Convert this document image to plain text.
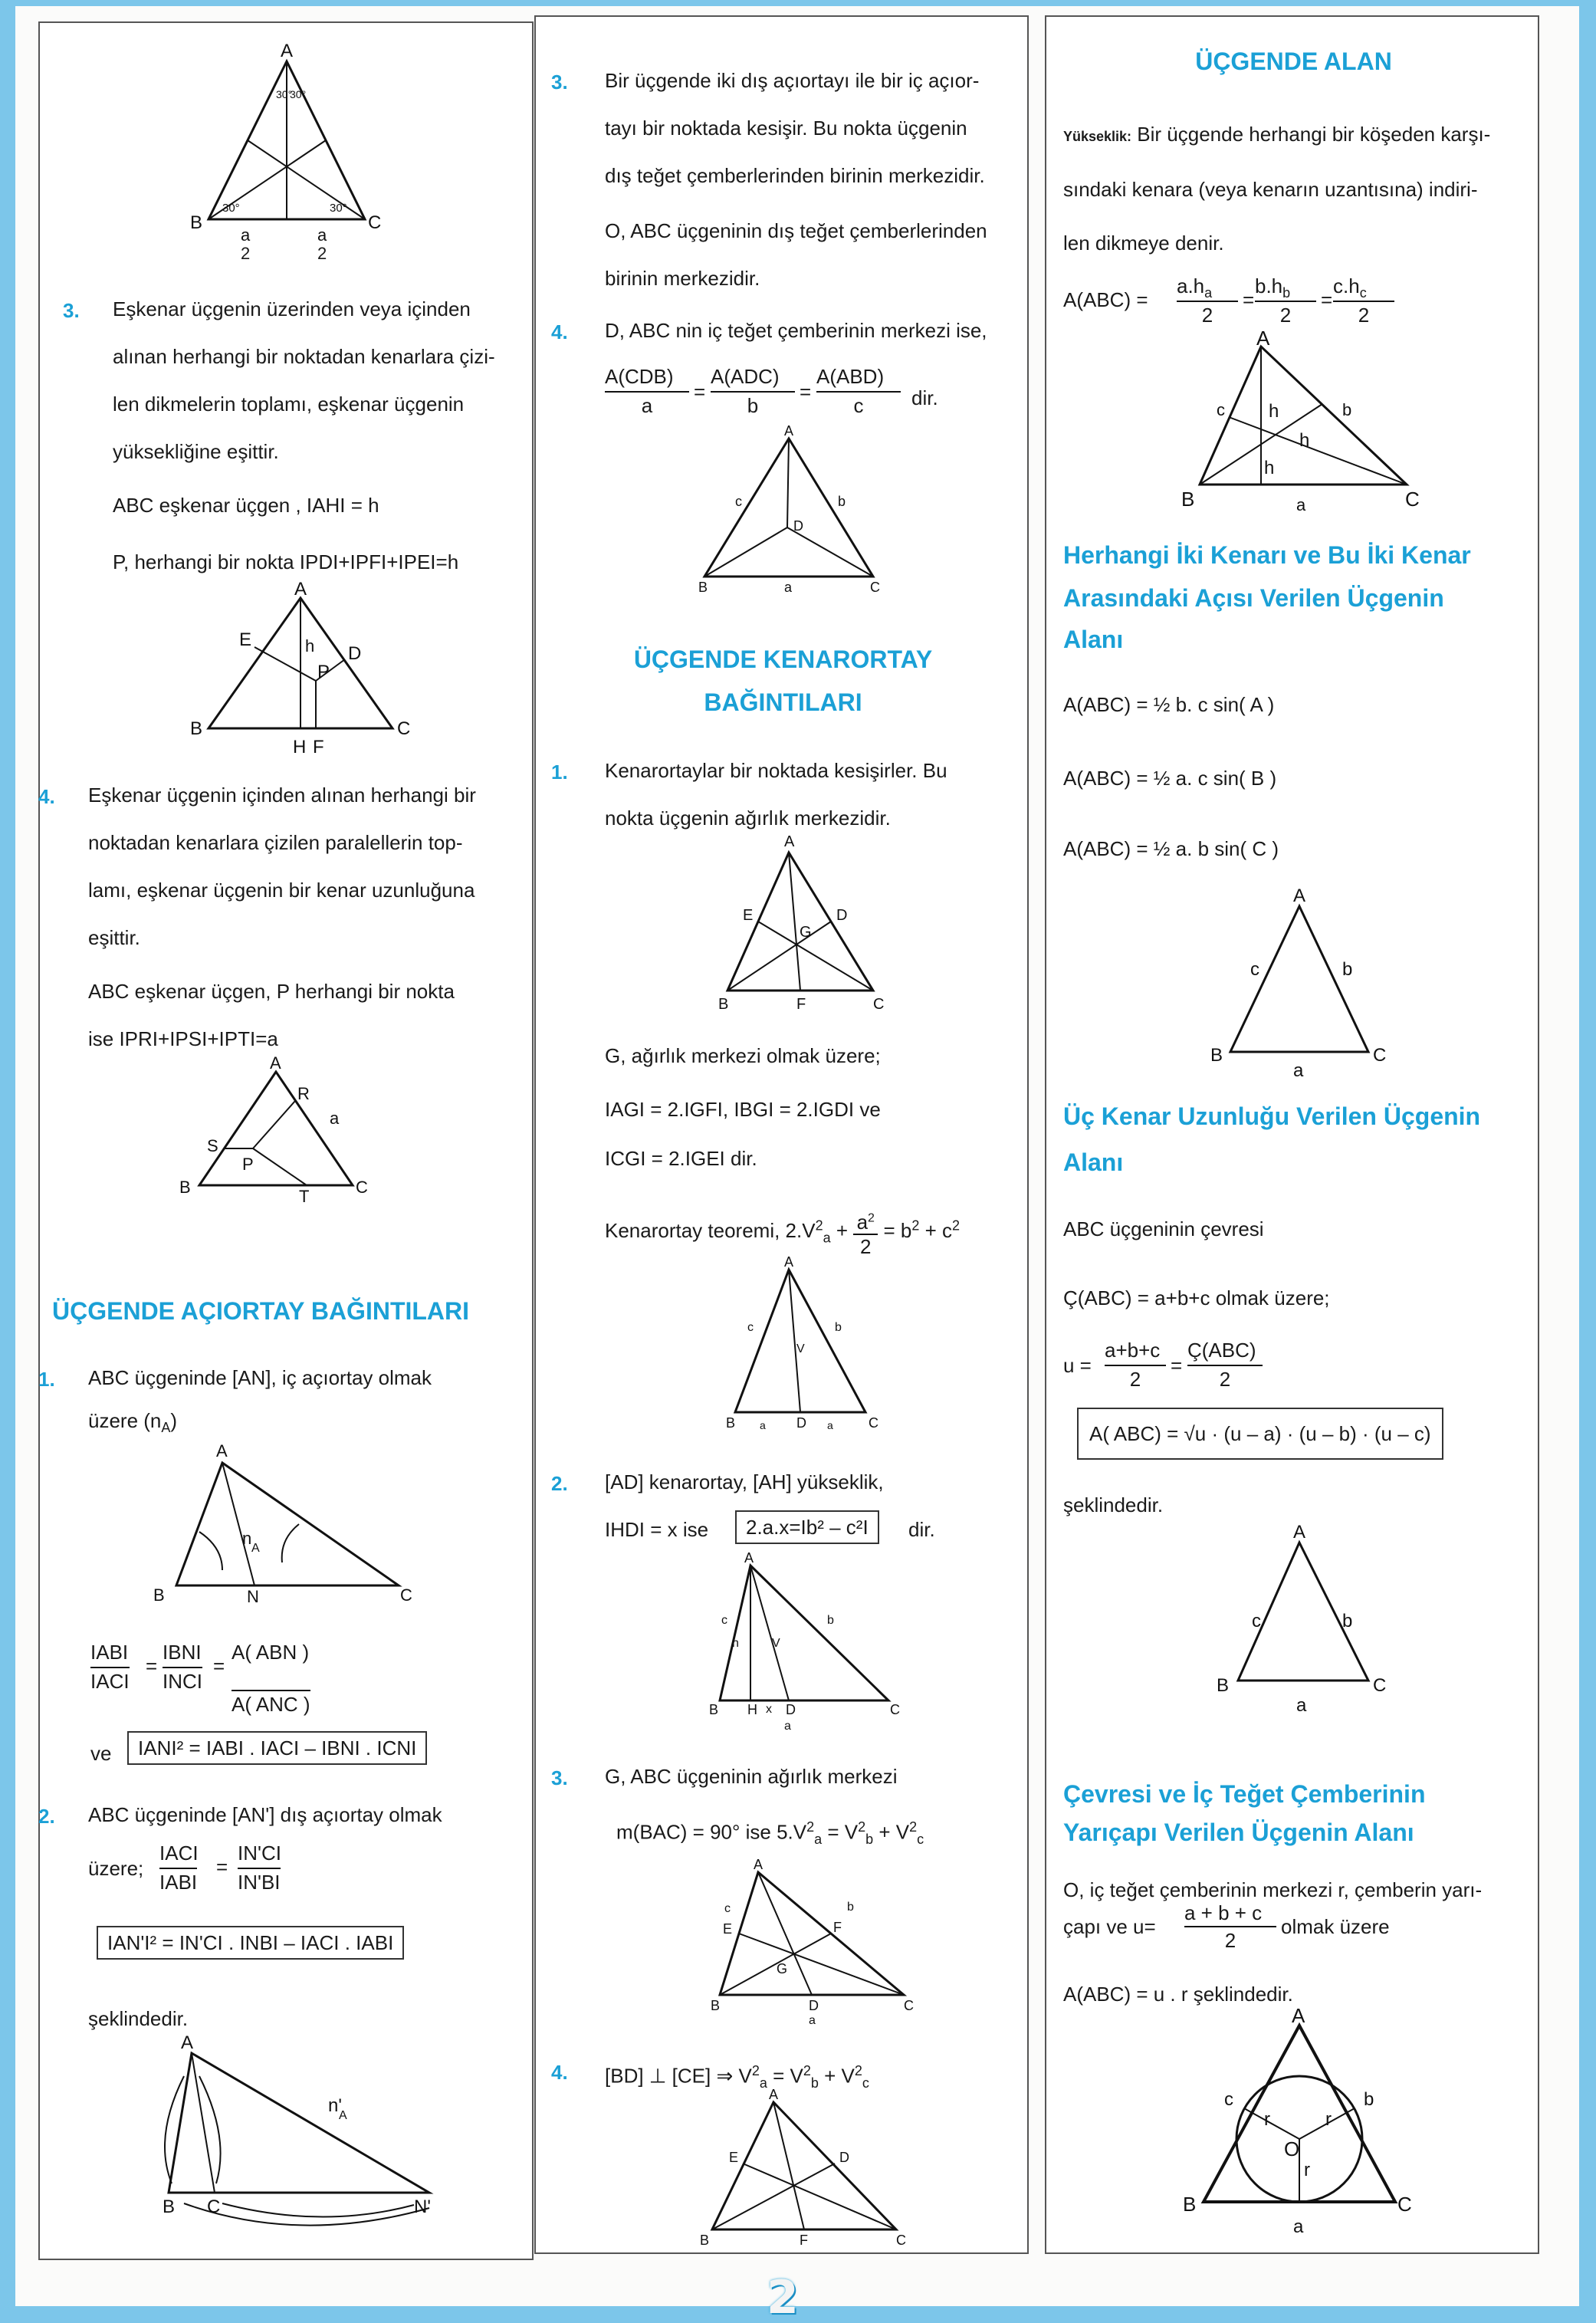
A
B	C
30°	30°
30°
30°
a	a
2	2
3. Eşkenar üçgenin üzerinden veya içinden
alınan herhangi bir noktadan kenarlara çizi-
len dikmelerin toplamı, eşkenar üçgenin
yüksekliğine eşittir.
ABC eşkenar üçgen , IAHI = h
P, herhangi bir nokta IPDI+IPFI+IPEI=h
A
B	C
E
D
P
h
H F
4. Eşkenar üçgenin içinden alınan herhangi bir
noktadan kenarlara çizilen paralellerin top-
lamı, eşkenar üçgenin bir kenar uzunluğuna
eşittir.
ABC eşkenar üçgen, P herhangi bir nokta
ise IPRI+IPSI+IPTI=a
A
B	C
R
S
P
T
a
ÜÇGENDE AÇIORTAY BAĞINTILARI
1. ABC üçgeninde [AN], iç açıortay olmak
üzere $(n_A)$
A
B	C
N
n
A
IABI
IACI
=
IBNI
INCI
=
A( ABN )
A( ANC )
ve	IANI² = IABI . IACI – IBNI . ICNI
2. ABC üçgeninde [AN'] dış açıortay olmak
üzere;
IACI
IABI
=
IN'CI
IN'BI
IAN'I² = IN'CI . INBI – IACI . IABI
şeklindedir.
A
B C	N'
n'
A
3. Bir üçgende iki dış açıortayı ile bir iç açıor-
tayı bir noktada kesişir. Bu nokta üçgenin
dış teğet çemberlerinden birinin merkezidir.
O, ABC üçgeninin dış teğet çemberlerinden
birinin merkezidir.
4. D, ABC nin iç teğet çemberinin merkezi ise,
A(CDB)
a
=
A(ADC)
b
=
A(ABD)
c	dir.
A
B	C
D
a
b
c
ÜÇGENDE KENARORTAY
BAĞINTILARI
1. Kenarortaylar bir noktada kesişirler. Bu
nokta üçgenin ağırlık merkezidir.
A
B	C
D
E
F
G
G, ağırlık merkezi olmak üzere;
IAGI = 2.IGFI, IBGI = 2.IGDI ve
ICGI = 2.IGEI dir.
Kenarortay teoremi, $2.V^2_a + \frac{a^2}{2} = b^2 + c^2$
A
B	C
D
V
b
c
a	a
2. [AD] kenarortay, [AH] yükseklik,
IHDI = x ise	2.a.x=Ib² – c²I	dir.
A
B	C
D
H x
a
b
c
h	V
3. G, ABC üçgeninin ağırlık merkezi
m(BAC) = 90° ise $5.V^2_a = V^2_b + V^2_c$
A
B	C
D
E	F
G
a
b
c
4. [BD] ⊥ [CE] ⇒ $V^2_a = V^2_b + V^2_c$
A
B	C
D
E
F
ÜÇGENDE ALAN
Yükseklik: Bir üçgende herhangi bir köşeden karşı-
sındaki kenara (veya kenarın uzantısına) indiri-
len dikmeye denir.
A(ABC) =
$a.h_a$
2
=
$b.h_b$
2
=
$c.h_c$
2
A
B	C
a
b
c
h
h
h
Herhangi İki Kenarı ve Bu İki Kenar
Arasındaki Açısı Verilen Üçgenin
Alanı
A(ABC) = ½ b. c sin( A )
A(ABC) = ½ a. c sin( B )
A(ABC) = ½ a. b sin( C )
A
B	C
a
b
c
Üç Kenar Uzunluğu Verilen Üçgenin
Alanı
ABC üçgeninin çevresi
Ç(ABC) = a+b+c olmak üzere;
u =
a+b+c
2
=
Ç(ABC)
2
A( ABC) = √u · (u – a) · (u – b) · (u – c)
şeklindedir.
A
B	C
a
b
c
Çevresi ve İç Teğet Çemberinin
Yarıçapı Verilen Üçgenin Alanı
O, iç teğet çemberinin merkezi r, çemberin yarı-
çapı ve u=
a + b + c
2
olmak üzere
A(ABC) = u . r şeklindedir.
A
B	C
O
r
r	r
a
b
c
2
